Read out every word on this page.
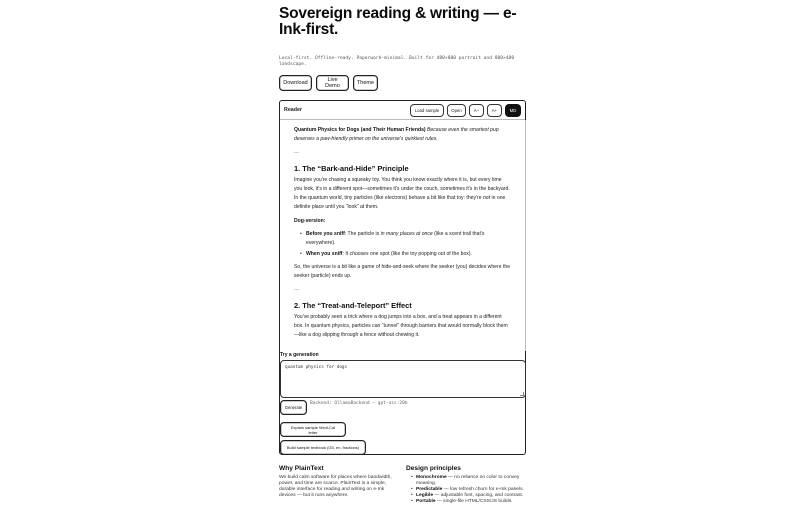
Sovereign reading & writing — e-Ink-first.
Local-first. Offline-ready. Paperwork-minimal. Built for 480×800 portrait and 800×480 landscape.
Download	Live Demo	Theme
Reader	Load sample	Open	A−	A+	MD

Quantum Physics for Dogs (and Their Human Friends) Because even the smartest pup deserves a paw-friendly primer on the universe's quirkiest rules.

---
1. The “Bark-and-Hide” Principle

Imagine you're chasing a squeaky toy. You think you know exactly where it is, but every time you look, it's in a different spot—sometimes it's under the couch, sometimes it's in the backyard. In the quantum world, tiny particles (like electrons) behave a bit like that toy: they're not in one definite place until you “look” at them.

Dog-version:

• Before you sniff: The particle is in many places at once (like a scent trail that's everywhere).
• When you sniff: It chooses one spot (like the toy popping out of the box).

So, the universe is a bit like a game of hide-and-seek where the seeker (you) decides where the seeker (particle) ends up.

---
2. The “Treat-and-Teleport” Effect

You've probably seen a trick where a dog jumps into a box, and a treat appears in a different box. In quantum physics, particles can “tunnel” through barriers that would normally block them—like a dog slipping through a fence without chewing it.

Try a generation
quantum physics for dogs
Generate
Backend: OllamaBackend — gpt-oss:20b
Explain sample Medi-Cal letter
Build sample textbook (G5, en, fractions)
Why PlainText

We build calm software for places where bandwidth, power, and time are scarce. PlainText is a simple, durable interface for reading and writing on e-Ink devices — but it runs anywhere.

Design principles
• Monochrome — no reliance on color to convey meaning.
• Predictable — low refresh churn for e-Ink panels.
• Legible — adjustable font, spacing, and contrast.
• Portable — single-file HTML/CSS/JS builds.
